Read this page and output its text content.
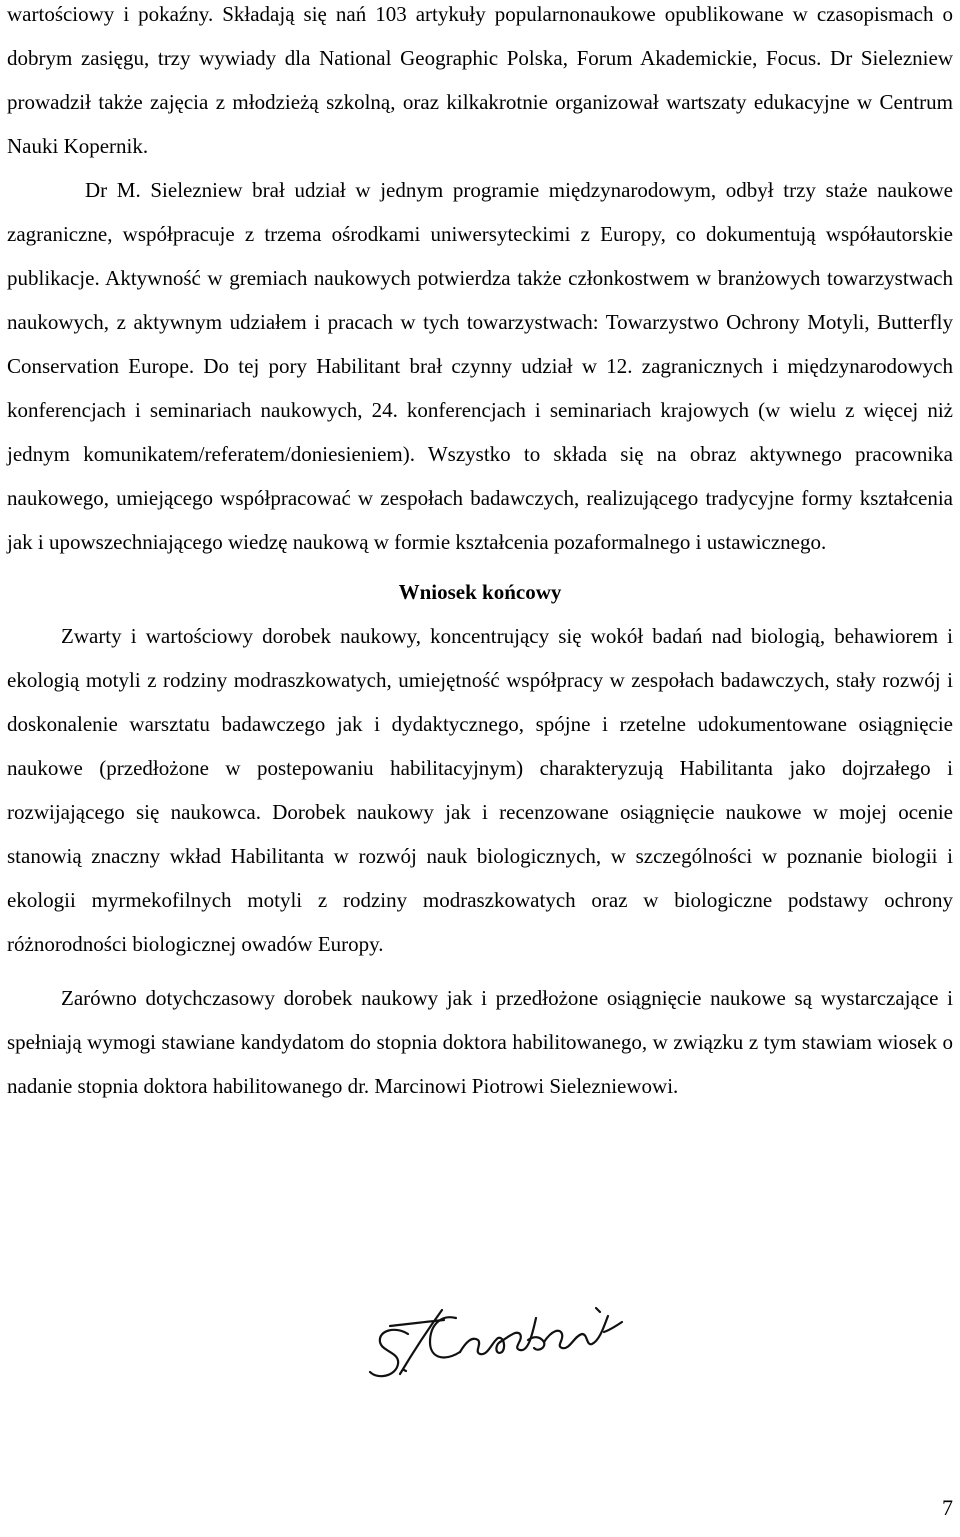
wartościowy i pokaźny. Składają się nań 103 artykuły popularnonaukowe opublikowane w czasopismach o dobrym zasięgu, trzy wywiady dla National Geographic Polska, Forum Akademickie, Focus. Dr Sielezniew prowadził także zajęcia z młodzieżą szkolną, oraz kilkakrotnie organizował wartszaty edukacyjne w Centrum Nauki Kopernik.

Dr M. Sielezniew brał udział w jednym programie międzynarodowym, odbył trzy staże naukowe zagraniczne, współpracuje z trzema ośrodkami uniwersyteckimi z Europy, co dokumentują współautorskie publikacje. Aktywność w gremiach naukowych potwierdza także członkostwem w branżowych towarzystwach naukowych, z aktywnym udziałem i pracach w tych towarzystwach: Towarzystwo Ochrony Motyli, Butterfly Conservation Europe. Do tej pory Habilitant brał czynny udział w 12. zagranicznych i międzynarodowych konferencjach i seminariach naukowych, 24. konferencjach i seminariach krajowych (w wielu z więcej niż jednym komunikatem/referatem/doniesieniem). Wszystko to składa się na obraz aktywnego pracownika naukowego, umiejącego współpracować w zespołach badawczych, realizującego tradycyjne formy kształcenia jak i upowszechniającego wiedzę naukową w formie kształcenia pozaformalnego i ustawicznego.

Wniosek końcowy

Zwarty i wartościowy dorobek naukowy, koncentrujący się wokół badań nad biologią, behawiorem i ekologią motyli z rodziny modraszkowatych, umiejętność współpracy w zespołach badawczych, stały rozwój i doskonalenie warsztatu badawczego jak i dydaktycznego, spójne i rzetelne udokumentowane osiągnięcie naukowe (przedłożone w postepowaniu habilitacyjnym) charakteryzują Habilitanta jako dojrzałego i rozwijającego się naukowca. Dorobek naukowy jak i recenzowane osiągnięcie naukowe w mojej ocenie stanowią znaczny wkład Habilitanta w rozwój nauk biologicznych, w szczególności w poznanie biologii i ekologii myrmekofilnych motyli z rodziny modraszkowatych oraz w biologiczne podstawy ochrony różnorodności biologicznej owadów Europy.

Zarówno dotychczasowy dorobek naukowy jak i przedłożone osiągnięcie naukowe są wystarczające i spełniają wymogi stawiane kandydatom do stopnia doktora habilitowanego, w związku z tym stawiam wiosek o nadanie stopnia doktora habilitowanego dr. Marcinowi Piotrowi Sielezniewowi.

7
